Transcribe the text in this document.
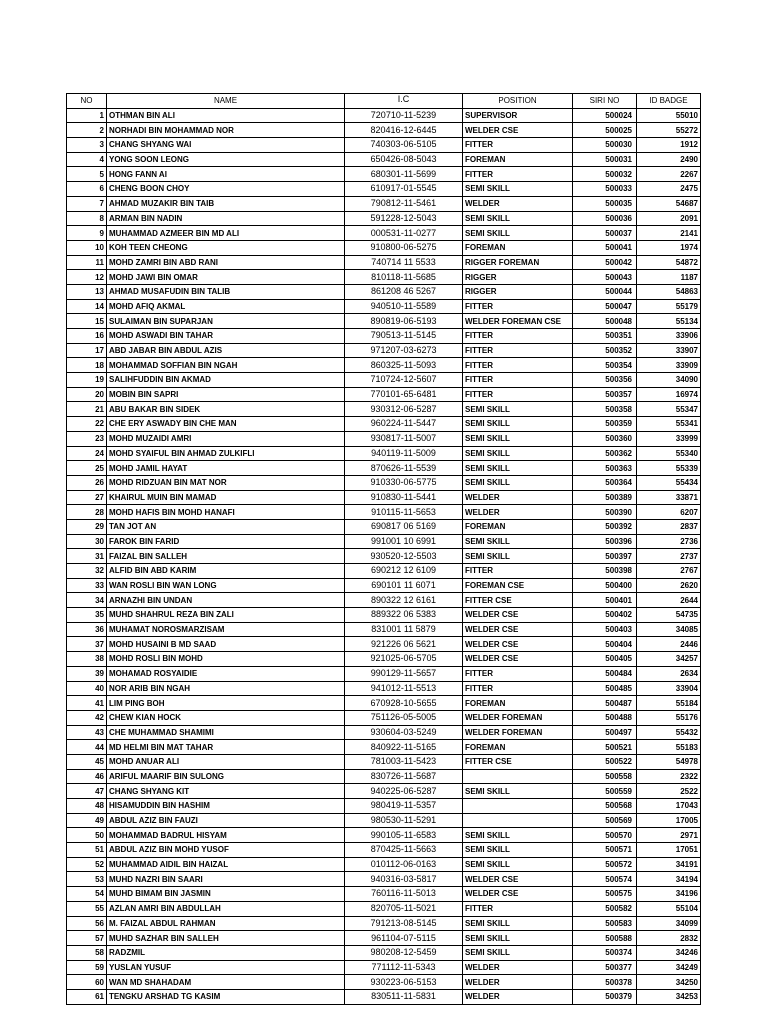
NO	NAME	I.C	POSITION	SIRI NO	ID BADGE
1	OTHMAN BIN ALI	720710-11-5239	SUPERVISOR	500024	55010
2	NORHADI BIN MOHAMMAD NOR	820416-12-6445	WELDER CSE	500025	55272
3	CHANG SHYANG WAI	740303-06-5105	FITTER	500030	1912
4	YONG SOON LEONG	650426-08-5043	FOREMAN	500031	2490
5	HONG FANN AI	680301-11-5699	FITTER	500032	2267
6	CHENG BOON CHOY	610917-01-5545	SEMI SKILL	500033	2475
7	AHMAD MUZAKIR BIN TAIB	790812-11-5461	WELDER	500035	54687
8	ARMAN BIN NADIN	591228-12-5043	SEMI SKILL	500036	2091
9	MUHAMMAD AZMEER BIN MD ALI	000531-11-0277	SEMI SKILL	500037	2141
10	KOH TEEN CHEONG	910800-06-5275	FOREMAN	500041	1974
11	MOHD ZAMRI BIN ABD RANI	740714 11 5533	RIGGER FOREMAN	500042	54872
12	MOHD JAWI BIN OMAR	810118-11-5685	RIGGER	500043	1187
13	AHMAD MUSAFUDIN BIN TALIB	861208 46 5267	RIGGER	500044	54863
14	MOHD AFIQ AKMAL	940510-11-5589	FITTER	500047	55179
15	SULAIMAN BIN SUPARJAN	890819-06-5193	WELDER FOREMAN CSE	500048	55134
16	MOHD ASWADI BIN TAHAR	790513-11-5145	FITTER	500351	33906
17	ABD JABAR BIN ABDUL AZIS	971207-03-6273	FITTER	500352	33907
18	MOHAMMAD SOFFIAN BIN NGAH	860325-11-5093	FITTER	500354	33909
19	SALIHFUDDIN BIN AKMAD	710724-12-5607	FITTER	500356	34090
20	MOBIN BIN SAPRI	770101-65-6481	FITTER	500357	16974
21	ABU BAKAR BIN SIDEK	930312-06-5287	SEMI SKILL	500358	55347
22	CHE ERY ASWADY BIN CHE MAN	960224-11-5447	SEMI SKILL	500359	55341
23	MOHD MUZAIDI AMRI	930817-11-5007	SEMI SKILL	500360	33999
24	MOHD SYAIFUL BIN AHMAD ZULKIFLI	940119-11-5009	SEMI SKILL	500362	55340
25	MOHD JAMIL HAYAT	870626-11-5539	SEMI SKILL	500363	55339
26	MOHD RIDZUAN BIN MAT NOR	910330-06-5775	SEMI SKILL	500364	55434
27	KHAIRUL MUIN BIN MAMAD	910830-11-5441	WELDER	500389	33871
28	MOHD HAFIS BIN MOHD HANAFI	910115-11-5653	WELDER	500390	6207
29	TAN JOT AN	690817 06 5169	FOREMAN	500392	2837
30	FAROK BIN FARID	991001 10 6991	SEMI SKILL	500396	2736
31	FAIZAL BIN SALLEH	930520-12-5503	SEMI SKILL	500397	2737
32	ALFID BIN ABD KARIM	690212 12 6109	FITTER	500398	2767
33	WAN ROSLI BIN WAN LONG	690101 11 6071	FOREMAN CSE	500400	2620
34	ARNAZHI BIN UNDAN	890322 12 6161	FITTER CSE	500401	2644
35	MUHD SHAHRUL REZA BIN ZALI	889322 06 5383	WELDER CSE	500402	54735
36	MUHAMAT NOROSMARZISAM	831001 11 5879	WELDER CSE	500403	34085
37	MOHD HUSAINI B MD SAAD	921226 06 5621	WELDER CSE	500404	2446
38	MOHD ROSLI BIN MOHD	921025-06-5705	WELDER CSE	500405	34257
39	MOHAMAD ROSYAIDIE	990129-11-5657	FITTER	500484	2634
40	NOR ARIB BIN NGAH	941012-11-5513	FITTER	500485	33904
41	LIM PING BOH	670928-10-5655	FOREMAN	500487	55184
42	CHEW KIAN HOCK	751126-05-5005	WELDER FOREMAN	500488	55176
43	CHE MUHAMMAD SHAMIMI	930604-03-5249	WELDER FOREMAN	500497	55432
44	MD HELMI BIN MAT TAHAR	840922-11-5165	FOREMAN	500521	55183
45	MOHD ANUAR ALI	781003-11-5423	FITTER CSE	500522	54978
46	ARIFUL MAARIF BIN SULONG	830726-11-5687		500558	2322
47	CHANG SHYANG KIT	940225-06-5287	SEMI SKILL	500559	2522
48	HISAMUDDIN BIN HASHIM	980419-11-5357		500568	17043
49	ABDUL AZIZ BIN FAUZI	980530-11-5291		500569	17005
50	MOHAMMAD BADRUL HISYAM	990105-11-6583	SEMI SKILL	500570	2971
51	ABDUL AZIZ BIN MOHD YUSOF	870425-11-5663	SEMI SKILL	500571	17051
52	MUHAMMAD AIDIL BIN HAIZAL	010112-06-0163	SEMI SKILL	500572	34191
53	MUHD NAZRI BIN SAARI	940316-03-5817	WELDER CSE	500574	34194
54	MUHD BIMAM BIN JASMIN	760116-11-5013	WELDER CSE	500575	34196
55	AZLAN AMRI BIN ABDULLAH	820705-11-5021	FITTER	500582	55104
56	M. FAIZAL ABDUL RAHMAN	791213-08-5145	SEMI SKILL	500583	34099
57	MUHD SAZHAR BIN SALLEH	961104-07-5115	SEMI SKILL	500588	2832
58	RADZMIL	980208-12-5459	SEMI SKILL	500374	34246
59	YUSLAN YUSUF	771112-11-5343	WELDER	500377	34249
60	WAN MD SHAHADAM	930223-06-5153	WELDER	500378	34250
61	TENGKU ARSHAD TG KASIM	830511-11-5831	WELDER	500379	34253
